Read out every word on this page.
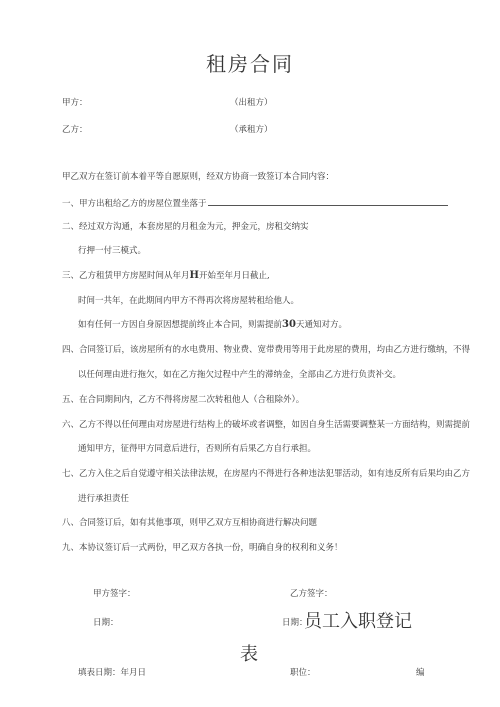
租房合同
甲方：	（出租方）
乙方：	（承租方）
甲乙双方在签订前本着平等自愿原则，经双方协商一致签订本合同内容：
一、甲方出租给乙方的房屋位置坐落于
二、经过双方沟通，本套房屋的月租金为元，押金元，房租交纳实
行押一付三模式。
三、乙方租赁甲方房屋时间从年月H开始至年月日截止,
时间一共年，在此期间内甲方不得再次将房屋转租给他人。
如有任何一方因自身原因想提前终止本合同，则需提前30天通知对方。
四、合同签订后，该房屋所有的水电费用、物业费、宽带费用等用于此房屋的费用，均由乙方进行缴纳，不得
以任何理由进行拖欠，如在乙方拖欠过程中产生的滞纳金，全部由乙方进行负责补交。
五、在合同期间内，乙方不得将房屋二次转租他人（合租除外）。
六、乙方不得以任何理由对房屋进行结构上的破坏或者调整，如因自身生活需要调整某一方面结构，则需提前
通知甲方，征得甲方同意后进行，否则所有后果乙方自行承担。
七、乙方入住之后自觉遵守相关法律法规，在房屋内不得进行各种违法犯罪活动，如有违反所有后果均由乙方
进行承担责任
八、合同签订后，如有其他事项，则甲乙双方互相协商进行解决问题
九、本协议签订后一式两份，甲乙双方各执一份，明确自身的权利和义务！
甲方签字：	乙方签字：
日期：	日期：
员工入职登记
表
填表日期：年月日	职位：	编
